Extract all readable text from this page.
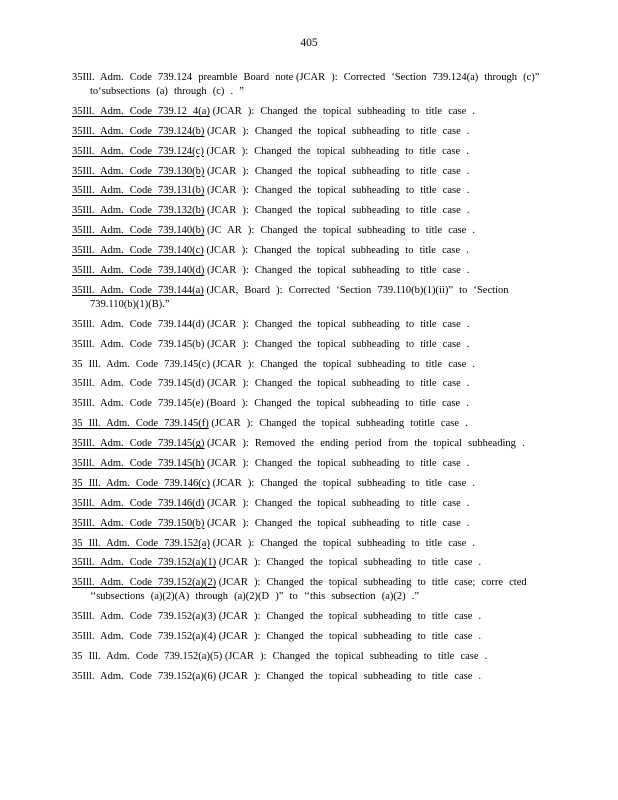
405
35Ill. Adm. Code 739.124 preamble Board note (JCAR ): Corrected ‘Section 739.124(a) through (c)” to‘subsections (a) through (c) . ”
35Ill. Adm. Code 739.12 4(a) (JCAR ): Changed the topical subheading to title case .
35Ill. Adm. Code 739.124(b) (JCAR ): Changed the topical subheading to title case .
35Ill. Adm. Code 739.124(c) (JCAR ): Changed the topical subheading to title case .
35Ill. Adm. Code 739.130(b) (JCAR ): Changed the topical subheading to title case .
35Ill. Adm. Code 739.131(b) (JCAR ): Changed the topical subheading to title case .
35Ill. Adm. Code 739.132(b) (JCAR ): Changed the topical subheading to title case .
35Ill. Adm. Code 739.140(b) (JC AR ): Changed the topical subheading to title case .
35Ill. Adm. Code 739.140(c) (JCAR ): Changed the topical subheading to title case .
35Ill. Adm. Code 739.140(d) (JCAR ): Changed the topical subheading to title case .
35Ill. Adm. Code 739.144(a) (JCAR, Board ): Corrected ‘Section 739.110(b)(1)(ii)” to ‘Section 739.110(b)(1)(B).”
35Ill. Adm. Code 739.144(d) (JCAR ): Changed the topical subheading to title case .
35Ill. Adm. Code 739.145(b) (JCAR ): Changed the topical subheading to title case .
35 Ill. Adm. Code 739.145(c) (JCAR ): Changed the topical subheading to title case .
35Ill. Adm. Code 739.145(d) (JCAR ): Changed the topical subheading to title case .
35Ill. Adm. Code 739.145(e) (Board ): Changed the topical subheading to title case .
35 Ill. Adm. Code 739.145(f) (JCAR ): Changed the topical subheading totitle case .
35Ill. Adm. Code 739.145(g) (JCAR ): Removed the ending period from the topical subheading .
35Ill. Adm. Code 739.145(h) (JCAR ): Changed the topical subheading to title case .
35 Ill. Adm. Code 739.146(c) (JCAR ): Changed the topical subheading to title case .
35Ill. Adm. Code 739.146(d) (JCAR ): Changed the topical subheading to title case .
35Ill. Adm. Code 739.150(b) (JCAR ): Changed the topical subheading to title case .
35 Ill. Adm. Code 739.152(a) (JCAR ): Changed the topical subheading to title case .
35Ill. Adm. Code 739.152(a)(1) (JCAR ): Changed the topical subheading to title case .
35Ill. Adm. Code 739.152(a)(2) (JCAR ): Changed the topical subheading to title case; corre cted ‘‘subsections (a)(2)(A) through (a)(2)(D )” to ‘‘this subsection (a)(2) .”
35Ill. Adm. Code 739.152(a)(3) (JCAR ): Changed the topical subheading to title case .
35Ill. Adm. Code 739.152(a)(4) (JCAR ): Changed the topical subheading to title case .
35 Ill. Adm. Code 739.152(a)(5) (JCAR ): Changed the topical subheading to title case .
35Ill. Adm. Code 739.152(a)(6) (JCAR ): Changed the topical subheading to title case .
